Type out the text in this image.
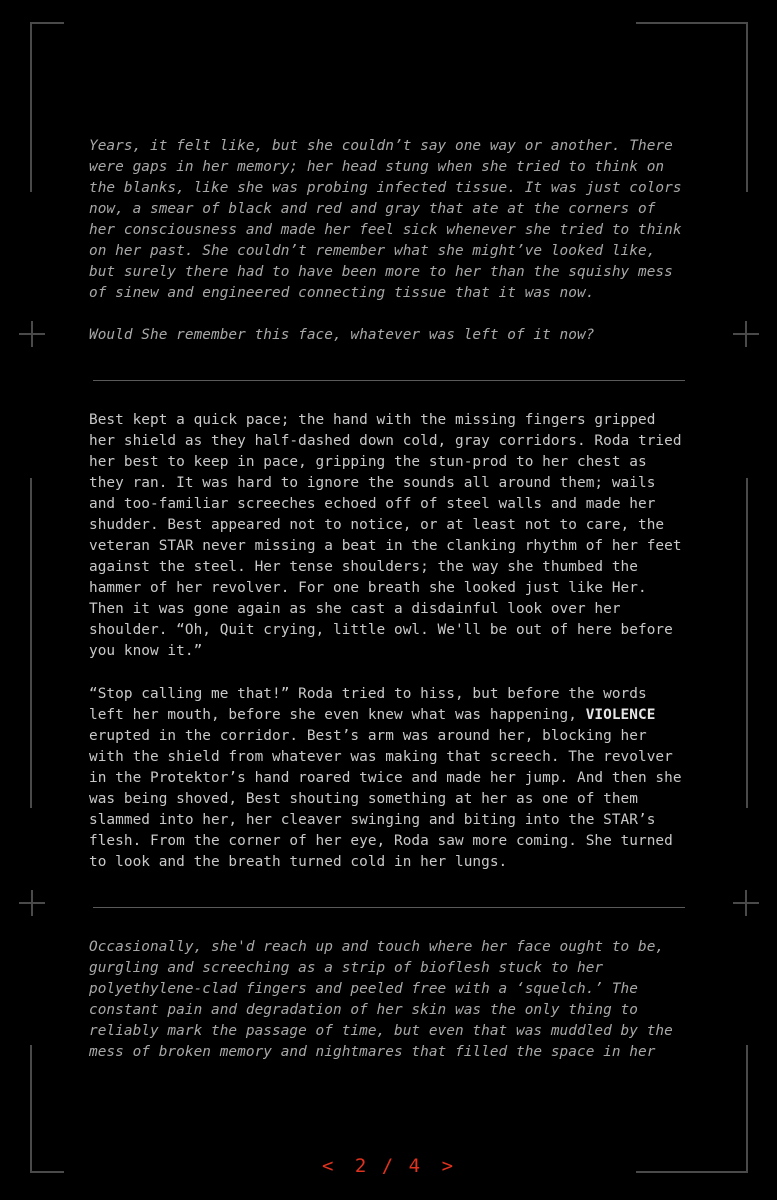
Years, it felt like, but she couldn’t say one way or another. There
were gaps in her memory; her head stung when she tried to think on
the blanks, like she was probing infected tissue. It was just colors
now, a smear of black and red and gray that ate at the corners of
her consciousness and made her feel sick whenever she tried to think
on her past. She couldn’t remember what she might’ve looked like,
but surely there had to have been more to her than the squishy mess
of sinew and engineered connecting tissue that it was now.

Would She remember this face, whatever was left of it now?

Best kept a quick pace; the hand with the missing fingers gripped
her shield as they half-dashed down cold, gray corridors. Roda tried
her best to keep in pace, gripping the stun-prod to her chest as
they ran. It was hard to ignore the sounds all around them; wails
and too-familiar screeches echoed off of steel walls and made her
shudder. Best appeared not to notice, or at least not to care, the
veteran STAR never missing a beat in the clanking rhythm of her feet
against the steel. Her tense shoulders; the way she thumbed the
hammer of her revolver. For one breath she looked just like Her.
Then it was gone again as she cast a disdainful look over her
shoulder. “Oh, Quit crying, little owl. We'll be out of here before
you know it.”

“Stop calling me that!” Roda tried to hiss, but before the words
left her mouth, before she even knew what was happening, VIOLENCE
erupted in the corridor. Best’s arm was around her, blocking her
with the shield from whatever was making that screech. The revolver
in the Protektor’s hand roared twice and made her jump. And then she
was being shoved, Best shouting something at her as one of them
slammed into her, her cleaver swinging and biting into the STAR’s
flesh. From the corner of her eye, Roda saw more coming. She turned
to look and the breath turned cold in her lungs.

Occasionally, she'd reach up and touch where her face ought to be,
gurgling and screeching as a strip of bioflesh stuck to her
polyethylene-clad fingers and peeled free with a ‘squelch.’ The
constant pain and degradation of her skin was the only thing to
reliably mark the passage of time, but even that was muddled by the
mess of broken memory and nightmares that filled the space in her

< 2 / 4 >
